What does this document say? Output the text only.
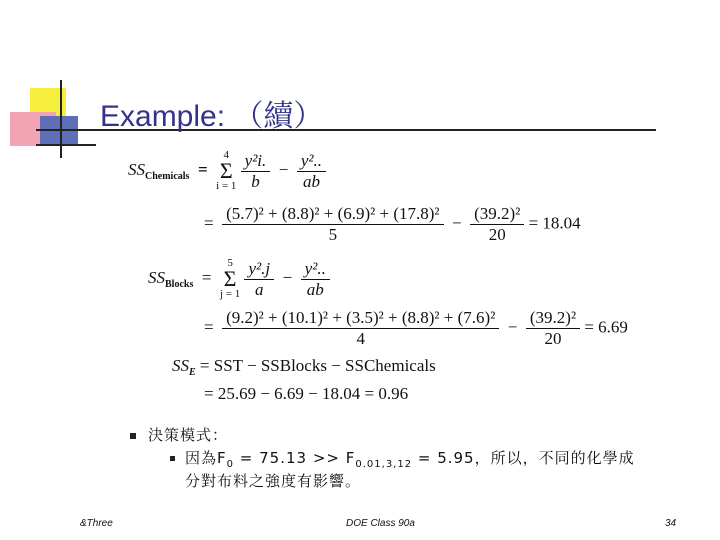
Example: （續）
$SS_{Chemicals} = 4$
Σ
$i = 1 \frac{\text{y²i.}}{b} - \frac{\text{y²..}}{ab}$
= $\frac{\text{(5.7)² + (8.8)² + (6.9)² + (17.8)²}}{5} - \frac{\text{(39.2)²}}{20} = 18.04$
$SS_{Blocks} = 5$
Σ
$j = 1 \frac{\text{y².j}}{a} - \frac{\text{y²..}}{ab}$
= $\frac{\text{(9.2)² + (10.1)² + (3.5)² + (8.8)² + (7.6)²}}{4} - \frac{\text{(39.2)²}}{20} = 6.69$
$SS_E$ = SST − SSBlocks − SSChemicals
= 25.69 − 6.69 − 18.04 = 0.96
決策模式：
因為$F_0 = 75.13 >> F_{0.01,3,12} = 5.95$，所以，不同的化學成
分對布料之強度有影響。
&Three	DOE Class 90a	34
